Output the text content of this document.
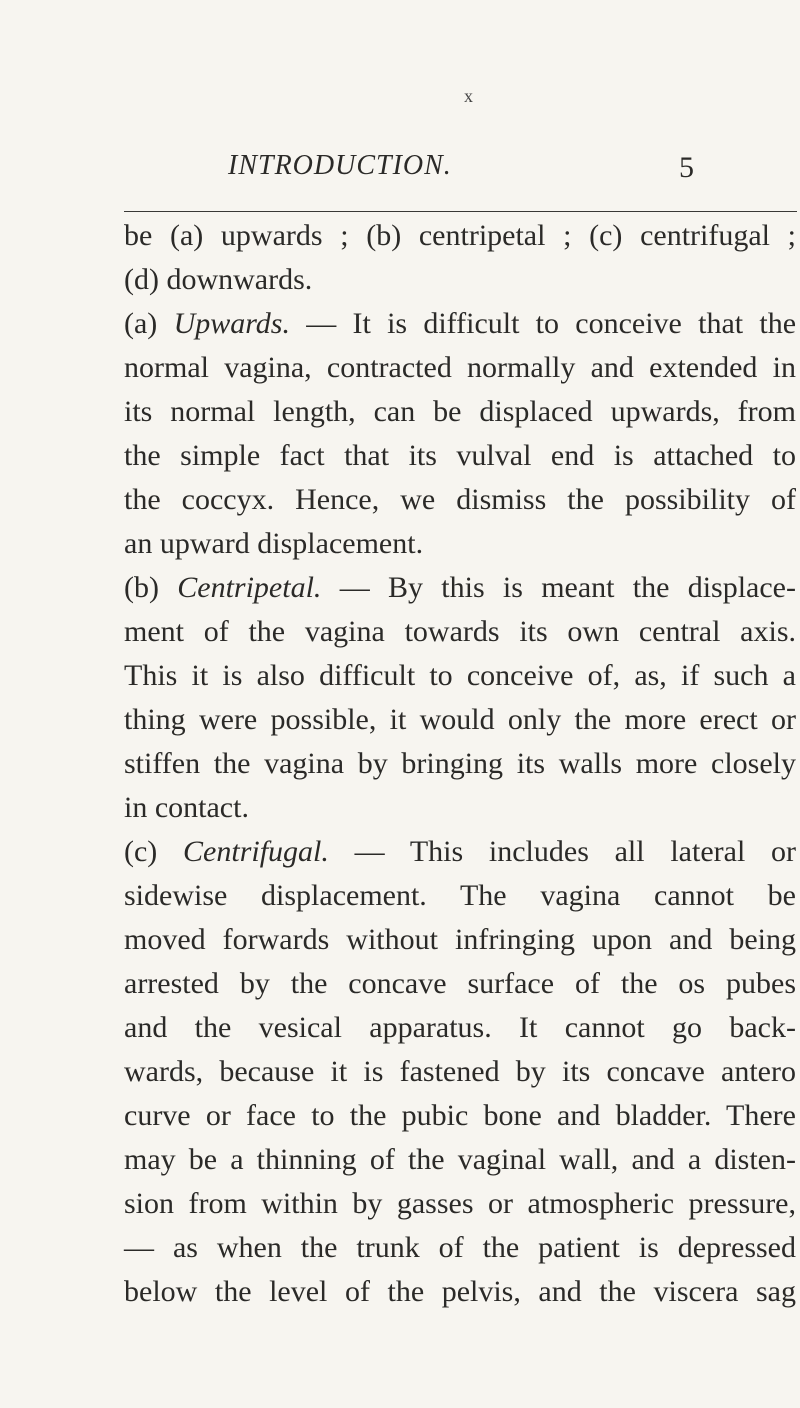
x
INTRODUCTION.	5
be (a) upwards ; (b) centripetal ; (c) centrifugal ;
(d) downwards.
(a) Upwards. — It is difficult to conceive that the
normal vagina, contracted normally and extended in
its normal length, can be displaced upwards, from
the simple fact that its vulval end is attached to
the coccyx. Hence, we dismiss the possibility of
an upward displacement.
(b) Centripetal. — By this is meant the displace-
ment of the vagina towards its own central axis.
This it is also difficult to conceive of, as, if such a
thing were possible, it would only the more erect or
stiffen the vagina by bringing its walls more closely
in contact.
(c) Centrifugal. — This includes all lateral or
sidewise displacement. The vagina cannot be
moved forwards without infringing upon and being
arrested by the concave surface of the os pubes
and the vesical apparatus. It cannot go back-
wards, because it is fastened by its concave antero
curve or face to the pubic bone and bladder. There
may be a thinning of the vaginal wall, and a disten-
sion from within by gasses or atmospheric pressure,
— as when the trunk of the patient is depressed
below the level of the pelvis, and the viscera sag
